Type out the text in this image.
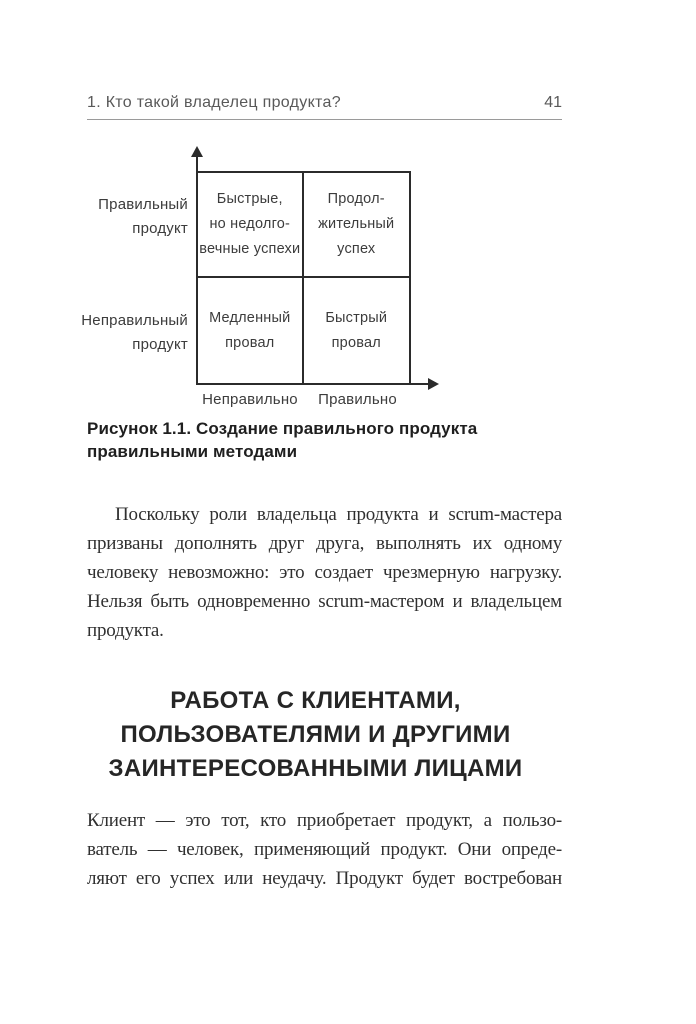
1. Кто такой владелец продукта?	41
Правильный
продукт
Неправильный
продукт
Быстрые,
но недолго-
вечные успехи
Продол-
жительный
успех
Медленный
провал
Быстрый
провал
Неправильно	Правильно
Рисунок 1.1. Создание правильного продукта
правильными методами
Поскольку роли владельца продукта и scrum-мастера
призваны дополнять друг друга, выполнять их одному
человеку невозможно: это создает чрезмерную нагрузку.
Нельзя быть одновременно scrum-мастером и владельцем
продукта.
РАБОТА С КЛИЕНТАМИ,
ПОЛЬЗОВАТЕЛЯМИ И ДРУГИМИ
ЗАИНТЕРЕСОВАННЫМИ ЛИЦАМИ
Клиент — это тот, кто приобретает продукт, а пользо-
ватель — человек, применяющий продукт. Они опреде-
ляют его успех или неудачу. Продукт будет востребован
